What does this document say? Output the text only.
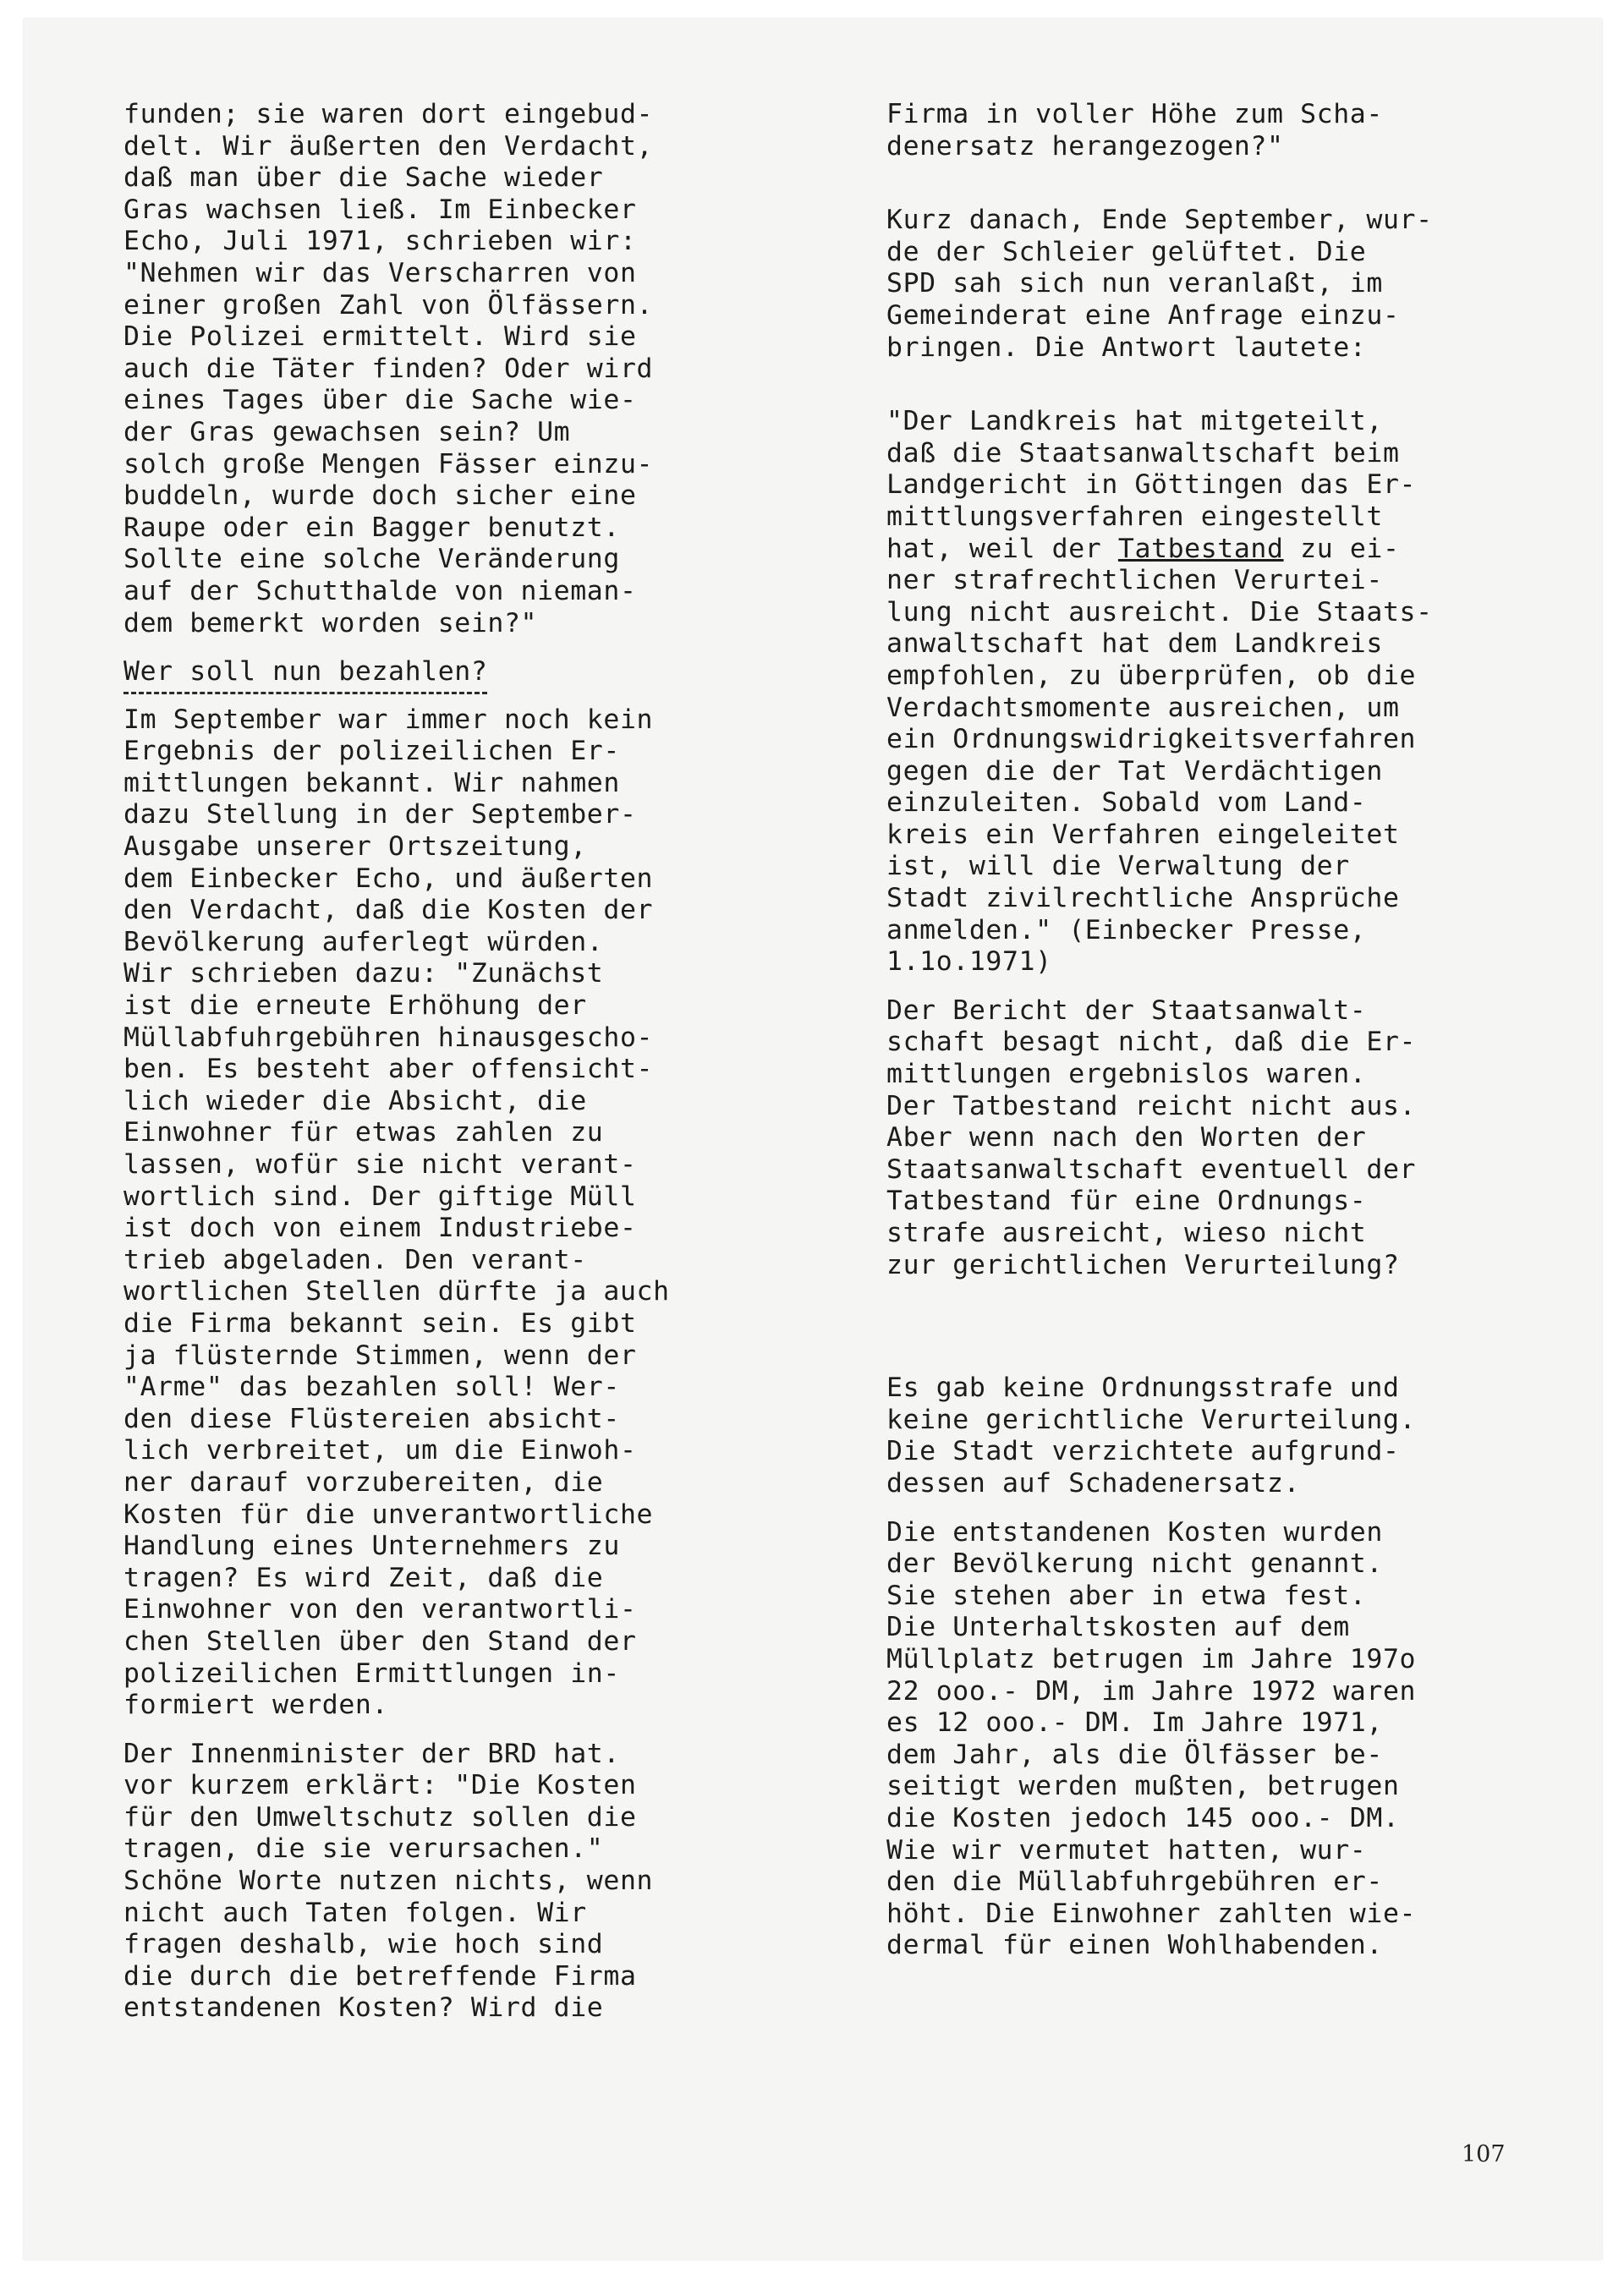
funden; sie waren dort eingebud-
delt. Wir äußerten den Verdacht,
daß man über die Sache wieder
Gras wachsen ließ. Im Einbecker
Echo, Juli 1971, schrieben wir:
"Nehmen wir das Verscharren von
einer großen Zahl von Ölfässern.
Die Polizei ermittelt. Wird sie
auch die Täter finden? Oder wird
eines Tages über die Sache wie-
der Gras gewachsen sein? Um
solch große Mengen Fässer einzu-
buddeln, wurde doch sicher eine
Raupe oder ein Bagger benutzt.
Sollte eine solche Veränderung
auf der Schutthalde von nieman-
dem bemerkt worden sein?"
Wer soll nun bezahlen?
Im September war immer noch kein
Ergebnis der polizeilichen Er-
mittlungen bekannt. Wir nahmen
dazu Stellung in der September-
Ausgabe unserer Ortszeitung,
dem Einbecker Echo, und äußerten
den Verdacht, daß die Kosten der
Bevölkerung auferlegt würden.
Wir schrieben dazu: "Zunächst
ist die erneute Erhöhung der
Müllabfuhrgebühren hinausgescho-
ben. Es besteht aber offensicht-
lich wieder die Absicht, die
Einwohner für etwas zahlen zu
lassen, wofür sie nicht verant-
wortlich sind. Der giftige Müll
ist doch von einem Industriebe-
trieb abgeladen. Den verant-
wortlichen Stellen dürfte ja auch
die Firma bekannt sein. Es gibt
ja flüsternde Stimmen, wenn der
"Arme" das bezahlen soll! Wer-
den diese Flüstereien absicht-
lich verbreitet, um die Einwoh-
ner darauf vorzubereiten, die
Kosten für die unverantwortliche
Handlung eines Unternehmers zu
tragen? Es wird Zeit, daß die
Einwohner von den verantwortli-
chen Stellen über den Stand der
polizeilichen Ermittlungen in-
formiert werden.
Der Innenminister der BRD hat.
vor kurzem erklärt: "Die Kosten
für den Umweltschutz sollen die
tragen, die sie verursachen."
Schöne Worte nutzen nichts, wenn
nicht auch Taten folgen. Wir
fragen deshalb, wie hoch sind
die durch die betreffende Firma
entstandenen Kosten? Wird die
Firma in voller Höhe zum Scha-
denersatz herangezogen?"
Kurz danach, Ende September, wur-
de der Schleier gelüftet. Die
SPD sah sich nun veranlaßt, im
Gemeinderat eine Anfrage einzu-
bringen. Die Antwort lautete:
"Der Landkreis hat mitgeteilt,
daß die Staatsanwaltschaft beim
Landgericht in Göttingen das Er-
mittlungsverfahren eingestellt
hat, weil der Tatbestand zu ei-
ner strafrechtlichen Verurtei-
lung nicht ausreicht. Die Staats-
anwaltschaft hat dem Landkreis
empfohlen, zu überprüfen, ob die
Verdachtsmomente ausreichen, um
ein Ordnungswidrigkeitsverfahren
gegen die der Tat Verdächtigen
einzuleiten. Sobald vom Land-
kreis ein Verfahren eingeleitet
ist, will die Verwaltung der
Stadt zivilrechtliche Ansprüche
anmelden." (Einbecker Presse,
1.1o.1971)
Der Bericht der Staatsanwalt-
schaft besagt nicht, daß die Er-
mittlungen ergebnislos waren.
Der Tatbestand reicht nicht aus.
Aber wenn nach den Worten der
Staatsanwaltschaft eventuell der
Tatbestand für eine Ordnungs-
strafe ausreicht, wieso nicht
zur gerichtlichen Verurteilung?
Es gab keine Ordnungsstrafe und
keine gerichtliche Verurteilung.
Die Stadt verzichtete aufgrund-
dessen auf Schadenersatz.
Die entstandenen Kosten wurden
der Bevölkerung nicht genannt.
Sie stehen aber in etwa fest.
Die Unterhaltskosten auf dem
Müllplatz betrugen im Jahre 197o
22 ooo.- DM, im Jahre 1972 waren
es 12 ooo.- DM. Im Jahre 1971,
dem Jahr, als die Ölfässer be-
seitigt werden mußten, betrugen
die Kosten jedoch 145 ooo.- DM.
Wie wir vermutet hatten, wur-
den die Müllabfuhrgebühren er-
höht. Die Einwohner zahlten wie-
dermal für einen Wohlhabenden.
107
